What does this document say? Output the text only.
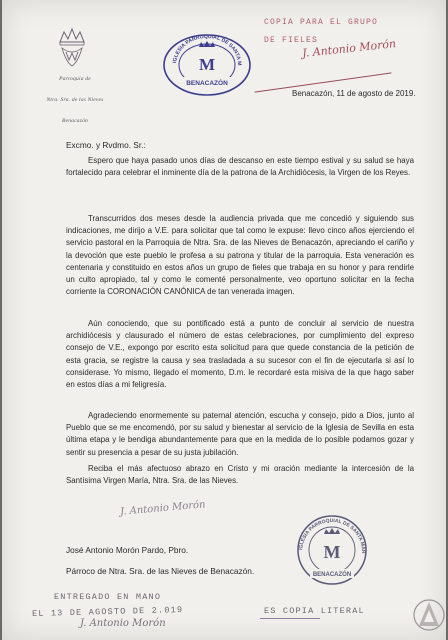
Parroquia de
Ntra. Sra. de las Nieves
Benacazón
IGLESIA PARROQUIAL DE SANTA M
M
BENACAZÓN
COPIA PARA EL GRUPO
DE FIELES
J. Antonio Morón
Benacazón, 11 de agosto de 2019.
Excmo. y Rvdmo. Sr.:

Espero que haya pasado unos días de descanso en este tiempo estival y su salud se haya fortalecido para celebrar el inminente día de la patrona de la Archidiócesis, la Virgen de los Reyes.

Transcurridos dos meses desde la audiencia privada que me concedió y siguiendo sus indicaciones, me dirijo a V.E. para solicitar que tal como le expuse: llevo cinco años ejerciendo el servicio pastoral en la Parroquia de Ntra. Sra. de las Nieves de Benacazón, apreciando el cariño y la devoción que este pueblo le profesa a su patrona y titular de la parroquia. Esta veneración es centenaria y constituido en estos años un grupo de fieles que trabaja en su honor y para rendirle un culto apropiado, tal y como le comenté personalmente, veo oportuno solicitar en la fecha corriente la CORONACIÓN CANÓNICA de tan venerada imagen.

Aún conociendo, que su pontificado está a punto de concluir al servicio de nuestra archidiócesis y clausurado el número de estas celebraciones, por cumplimiento del expreso consejo de V.E., expongo por escrito esta solicitud para que quede constancia de la petición de esta gracia, se registre la causa y sea trasladada a su sucesor con el fin de ejecutarla si así lo considerase. Yo mismo, llegado el momento, D.m. le recordaré esta misiva de la que hago saber en estos días a mi feligresía.

Agradeciendo enormemente su paternal atención, escucha y consejo, pido a Dios, junto al Pueblo que se me encomendó, por su salud y bienestar al servicio de la Iglesia de Sevilla en esta última etapa y le bendiga abundantemente para que en la medida de lo posible podamos gozar y sentir su presencia a pesar de su justa jubilación.

Reciba el más afectuoso abrazo en Cristo y mi oración mediante la intercesión de la Santísima Virgen María, Ntra. Sra. de las Nieves.

J. Antonio Morón
José Antonio Morón Pardo, Pbro.
Párroco de Ntra. Sra. de las Nieves de Benacazón.
IGLESIA PARROQUIAL DE SANTA MAR
M
BENACAZÓN
ENTREGADO EN MANO
EL 13 DE AGOSTO DE 2.019
J. Antonio Morón
ES COPIA LITERAL
